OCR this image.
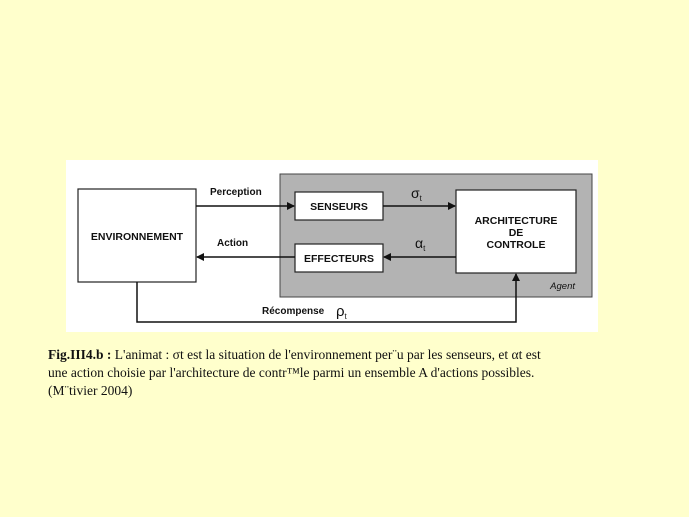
Agent
ENVIRONNEMENT
SENSEURS
EFFECTEURS
ARCHITECTURE
DE
CONTROLE
Perception
Action
$\sigma_t$
$\alpha_t$
Récompense $\rho_t$

Fig.III4.b : L'animat : σt est la situation de l'environnement per¨u par les senseurs, et αt est

une action choisie par l'architecture de contr™le parmi un ensemble A d'actions possibles.

(M¨tivier 2004)
